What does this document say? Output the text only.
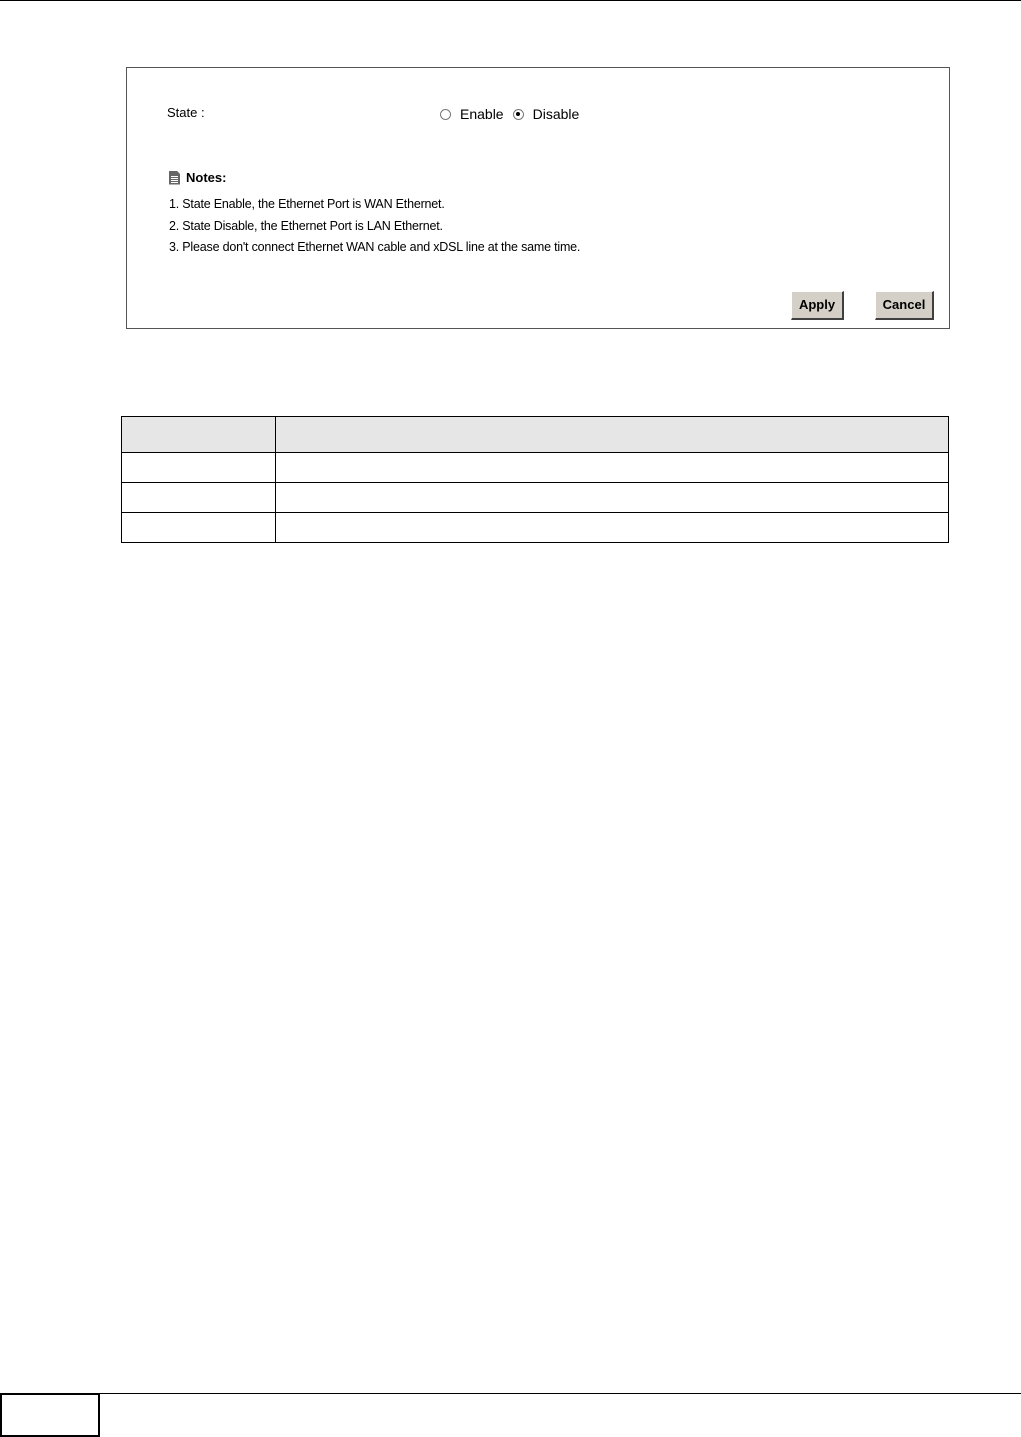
State :	Enable Disable
Notes:
1. State Enable, the Ethernet Port is WAN Ethernet.
2. State Disable, the Ethernet Port is LAN Ethernet.
3. Please don't connect Ethernet WAN cable and xDSL line at the same time.
Apply	Cancel
